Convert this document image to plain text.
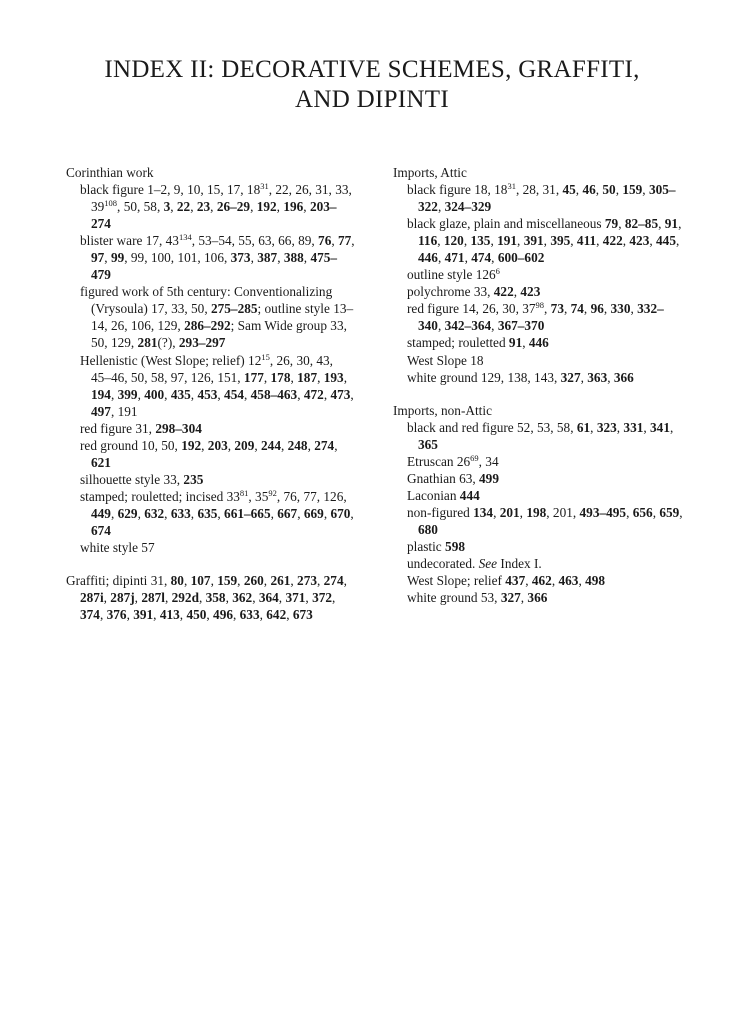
INDEX II: DECORATIVE SCHEMES, GRAFFITI,
AND DIPINTI
Corinthian work
black figure 1–2, 9, 10, 15, 17, $18^{31}$, 22, 26, 31, 33, $39^{108}$, 50, 58, 3, 22, 23, 26–29, 192, 196, 203–274
blister ware 17, $43^{134}$, 53–54, 55, 63, 66, 89, 76, 77, 97, 99, 99, 100, 101, 106, 373, 387, 388, 475–479
figured work of 5th century: Conventionalizing (Vrysoula) 17, 33, 50, 275–285; outline style 13–14, 26, 106, 129, 286–292; Sam Wide group 33, 50, 129, 281(?), 293–297
Hellenistic (West Slope; relief) $12^{15}$, 26, 30, 43, 45–46, 50, 58, 97, 126, 151, 177, 178, 187, 193, 194, 399, 400, 435, 453, 454, 458–463, 472, 473, 497, 191
red figure 31, 298–304
red ground 10, 50, 192, 203, 209, 244, 248, 274, 621
silhouette style 33, 235
stamped; rouletted; incised $33^{81}$, $35^{92}$, 76, 77, 126, 449, 629, 632, 633, 635, 661–665, 667, 669, 670, 674
white style 57
Graffiti; dipinti 31, 80, 107, 159, 260, 261, 273, 274, 287i, 287j, 287l, 292d, 358, 362, 364, 371, 372, 374, 376, 391, 413, 450, 496, 633, 642, 673
Imports, Attic
black figure 18, $18^{31}$, 28, 31, 45, 46, 50, 159, 305–322, 324–329
black glaze, plain and miscellaneous 79, 82–85, 91, 116, 120, 135, 191, 391, 395, 411, 422, 423, 445, 446, 471, 474, 600–602
outline style $126^6$
polychrome 33, 422, 423
red figure 14, 26, 30, $37^{98}$, 73, 74, 96, 330, 332–340, 342–364, 367–370
stamped; rouletted 91, 446
West Slope 18
white ground 129, 138, 143, 327, 363, 366
Imports, non-Attic
black and red figure 52, 53, 58, 61, 323, 331, 341, 365
Etruscan $26^{69}$, 34
Gnathian 63, 499
Laconian 444
non-figured 134, 201, 198, 201, 493–495, 656, 659, 680
plastic 598
undecorated. See Index I.
West Slope; relief 437, 462, 463, 498
white ground 53, 327, 366
